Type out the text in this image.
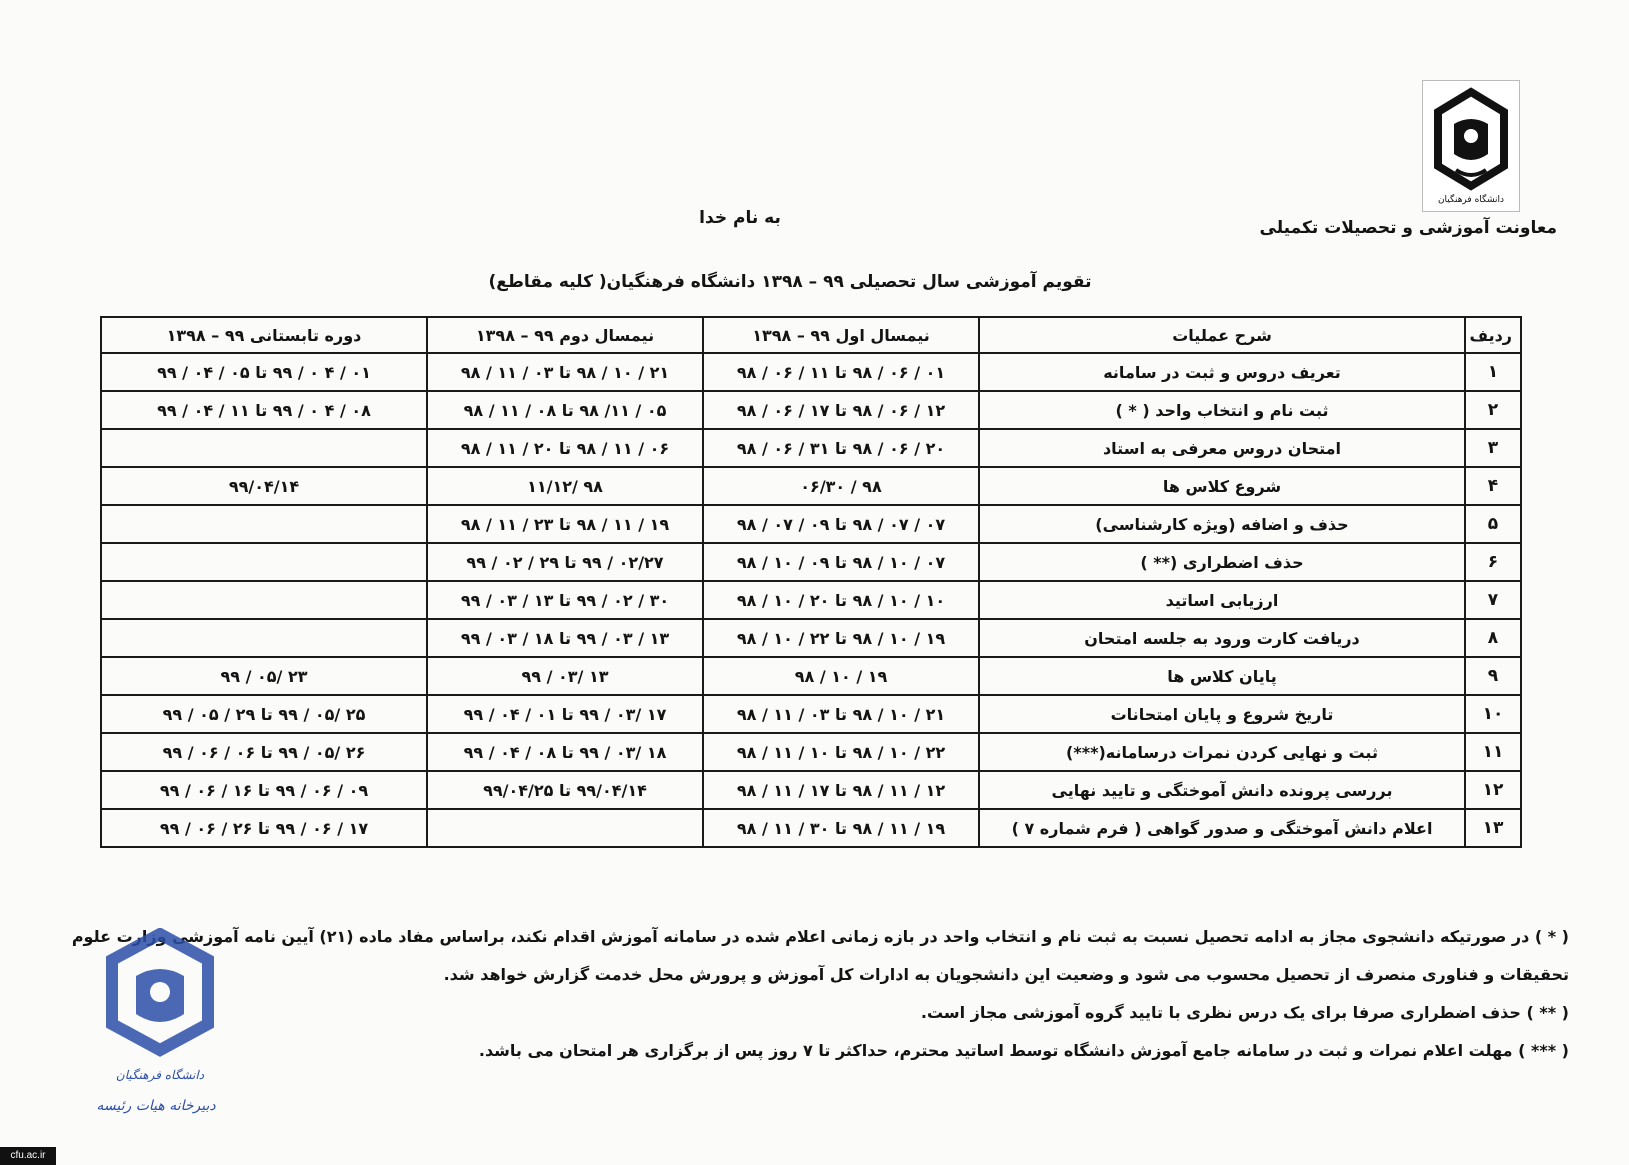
دانشگاه فرهنگیان
معاونت آموزشی و تحصیلات تکمیلی
به نام خدا
تقویم آموزشی سال تحصیلی ۹۹ – ۱۳۹۸ دانشگاه فرهنگیان( کلیه مقاطع)
ردیف	شرح عملیات	نیمسال اول ۹۹ – ۱۳۹۸	نیمسال دوم ۹۹ – ۱۳۹۸	دوره تابستانی ۹۹ – ۱۳۹۸
۱	تعریف دروس و ثبت در سامانه	۰۱ / ۰۶ / ۹۸ تا ۱۱ / ۰۶ / ۹۸	۲۱ / ۱۰ / ۹۸ تا ۰۳ / ۱۱ / ۹۸	۰۱ / ۴ ۰ / ۹۹ تا ۰۵ / ۰۴ / ۹۹
۲	ثبت نام و انتخاب واحد ( * )	۱۲ / ۰۶ / ۹۸ تا ۱۷ / ۰۶ / ۹۸	۰۵ / ۱۱/ ۹۸ تا ۰۸ / ۱۱ / ۹۸	۰۸ / ۴ ۰ / ۹۹ تا ۱۱ / ۰۴ / ۹۹
۳	امتحان دروس معرفی به استاد	۲۰ / ۰۶ / ۹۸ تا ۳۱ / ۰۶ / ۹۸	۰۶ / ۱۱ / ۹۸ تا ۲۰ / ۱۱ / ۹۸	
۴	شروع کلاس ها	۹۸ / ۰۶/۳۰	۹۸ /۱۱/۱۲	۹۹/۰۴/۱۴
۵	حذف و اضافه (ویژه کارشناسی)	۰۷ / ۰۷ / ۹۸ تا ۰۹ / ۰۷ / ۹۸	۱۹ / ۱۱ / ۹۸ تا ۲۳ / ۱۱ / ۹۸	
۶	حذف اضطراری (** )	۰۷ / ۱۰ / ۹۸ تا ۰۹ / ۱۰ / ۹۸	۰۲/۲۷ / ۹۹ تا ۲۹ / ۰۲ / ۹۹	
۷	ارزیابی اساتید	۱۰ / ۱۰ / ۹۸ تا ۲۰ / ۱۰ / ۹۸	۳۰ / ۰۲ / ۹۹ تا ۱۳ / ۰۳ / ۹۹	
۸	دریافت کارت ورود به جلسه امتحان	۱۹ / ۱۰ / ۹۸ تا ۲۲ / ۱۰ / ۹۸	۱۳ / ۰۳ / ۹۹ تا ۱۸ / ۰۳ / ۹۹	
۹	پایان کلاس ها	۱۹ / ۱۰ / ۹۸	۱۳ /۰۳ / ۹۹	۲۳ /۰۵ / ۹۹
۱۰	تاریخ شروع و پایان امتحانات	۲۱ / ۱۰ / ۹۸ تا ۰۳ / ۱۱ / ۹۸	۱۷ /۰۳ / ۹۹ تا ۰۱ / ۰۴ / ۹۹	۲۵ /۰۵ / ۹۹ تا ۲۹ / ۰۵ / ۹۹
۱۱	ثبت و نهایی کردن نمرات درسامانه(***)	۲۲ / ۱۰ / ۹۸ تا ۱۰ / ۱۱ / ۹۸	۱۸ /۰۳ / ۹۹ تا ۰۸ / ۰۴ / ۹۹	۲۶ /۰۵ / ۹۹ تا ۰۶ / ۰۶ / ۹۹
۱۲	بررسی پرونده دانش آموختگی و تایید نهایی	۱۲ / ۱۱ / ۹۸ تا ۱۷ / ۱۱ / ۹۸	۹۹/۰۴/۱۴ تا ۹۹/۰۴/۲۵	۰۹ / ۰۶ / ۹۹ تا ۱۶ / ۰۶ / ۹۹
۱۳	اعلام دانش آموختگی و صدور گواهی ( فرم شماره ۷ )	۱۹ / ۱۱ / ۹۸ تا ۳۰ / ۱۱ / ۹۸		۱۷ / ۰۶ / ۹۹ تا ۲۶ / ۰۶ / ۹۹

( * ) در صورتیکه دانشجوی مجاز به ادامه تحصیل نسبت به ثبت نام و انتخاب واحد در بازه زمانی اعلام شده در سامانه آموزش اقدام نکند، براساس مفاد ماده (۲۱) آیین نامه آموزشی وزارت علوم

تحقیقات و فناوری منصرف از تحصیل محسوب می شود و وضعیت این دانشجویان به ادارات کل آموزش و پرورش محل خدمت گزارش خواهد شد.

( ** ) حذف اضطراری صرفا برای یک درس نظری با تایید گروه آموزشی مجاز است.

( *** ) مهلت اعلام نمرات و ثبت در سامانه جامع آموزش دانشگاه توسط اساتید محترم، حداکثر تا ۷ روز پس از برگزاری هر امتحان می باشد.

دانشگاه فرهنگیان
دبیرخانه هیات رئیسه
cfu.ac.ir
